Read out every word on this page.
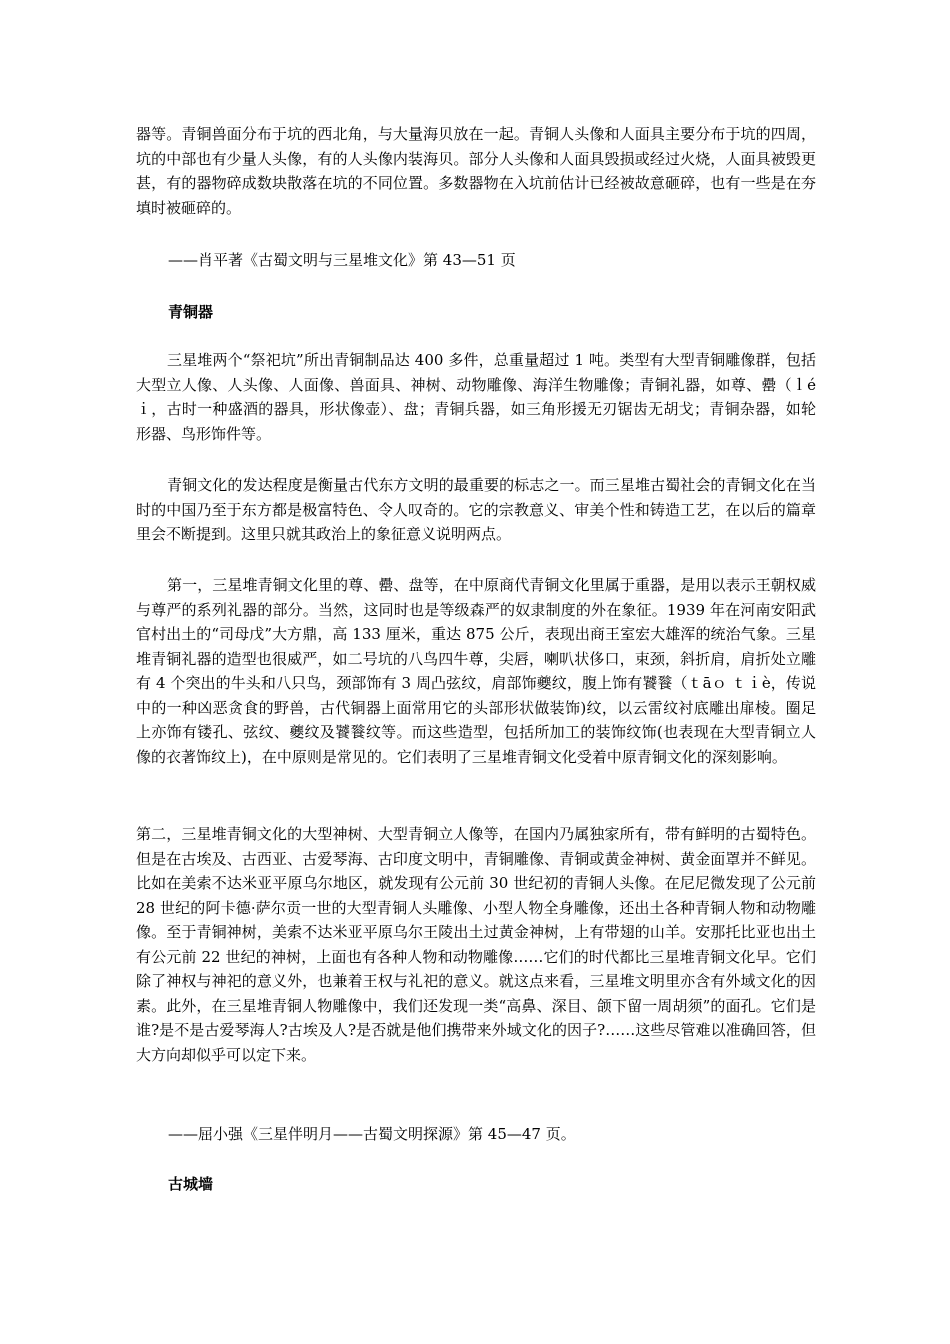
器等。青铜兽面分布于坑的西北角，与大量海贝放在一起。青铜人头像和人面具主要分布于坑的四周，坑的中部也有少量人头像，有的人头像内装海贝。部分人头像和人面具毁损或经过火烧，人面具被毁更甚，有的器物碎成数块散落在坑的不同位置。多数器物在入坑前估计已经被故意砸碎，也有一些是在夯填时被砸碎的。

——肖平著《古蜀文明与三星堆文化》第 43—51 页

青铜器

三星堆两个“祭祀坑”所出青铜制品达 400 多件，总重量超过 1 吨。类型有大型青铜雕像群，包括大型立人像、人头像、人面像、兽面具、神树、动物雕像、海洋生物雕像；青铜礼器，如尊、罍（ｌéｉ，古时一种盛酒的器具，形状像壶）、盘；青铜兵器，如三角形援无刃锯齿无胡戈；青铜杂器，如轮形器、鸟形饰件等。

青铜文化的发达程度是衡量古代东方文明的最重要的标志之一。而三星堆古蜀社会的青铜文化在当时的中国乃至于东方都是极富特色、令人叹奇的。它的宗教意义、审美个性和铸造工艺，在以后的篇章里会不断提到。这里只就其政治上的象征意义说明两点。

第一，三星堆青铜文化里的尊、罍、盘等，在中原商代青铜文化里属于重器，是用以表示王朝权威与尊严的系列礼器的部分。当然，这同时也是等级森严的奴隶制度的外在象征。1939 年在河南安阳武官村出土的“司母戊”大方鼎，高 133 厘米，重达 875 公斤，表现出商王室宏大雄浑的统治气象。三星堆青铜礼器的造型也很威严，如二号坑的八鸟四牛尊，尖唇，喇叭状侈口，束颈，斜折肩，肩折处立雕有 4 个突出的牛头和八只鸟，颈部饰有 3 周凸弦纹，肩部饰夔纹，腹上饰有饕餮（ｔāｏ ｔｉè，传说中的一种凶恶贪食的野兽，古代铜器上面常用它的头部形状做装饰)纹，以云雷纹衬底雕出扉棱。圈足上亦饰有镂孔、弦纹、夔纹及饕餮纹等。而这些造型，包括所加工的装饰纹饰(也表现在大型青铜立人像的衣著饰纹上)，在中原则是常见的。它们表明了三星堆青铜文化受着中原青铜文化的深刻影响。

第二，三星堆青铜文化的大型神树、大型青铜立人像等，在国内乃属独家所有，带有鲜明的古蜀特色。但是在古埃及、古西亚、古爱琴海、古印度文明中，青铜雕像、青铜或黄金神树、黄金面罩并不鲜见。比如在美索不达米亚平原乌尔地区，就发现有公元前 30 世纪初的青铜人头像。在尼尼微发现了公元前 28 世纪的阿卡德·萨尔贡一世的大型青铜人头雕像、小型人物全身雕像，还出土各种青铜人物和动物雕像。至于青铜神树，美索不达米亚平原乌尔王陵出土过黄金神树，上有带翅的山羊。安那托比亚也出土有公元前 22 世纪的神树，上面也有各种人物和动物雕像……它们的时代都比三星堆青铜文化早。它们除了神权与神祀的意义外，也兼着王权与礼祀的意义。就这点来看，三星堆文明里亦含有外域文化的因素。此外，在三星堆青铜人物雕像中，我们还发现一类“高鼻、深目、颌下留一周胡须”的面孔。它们是谁?是不是古爱琴海人?古埃及人?是否就是他们携带来外域文化的因子?……这些尽管难以准确回答，但大方向却似乎可以定下来。

——屈小强《三星伴明月——古蜀文明探源》第 45—47 页。

古城墙
